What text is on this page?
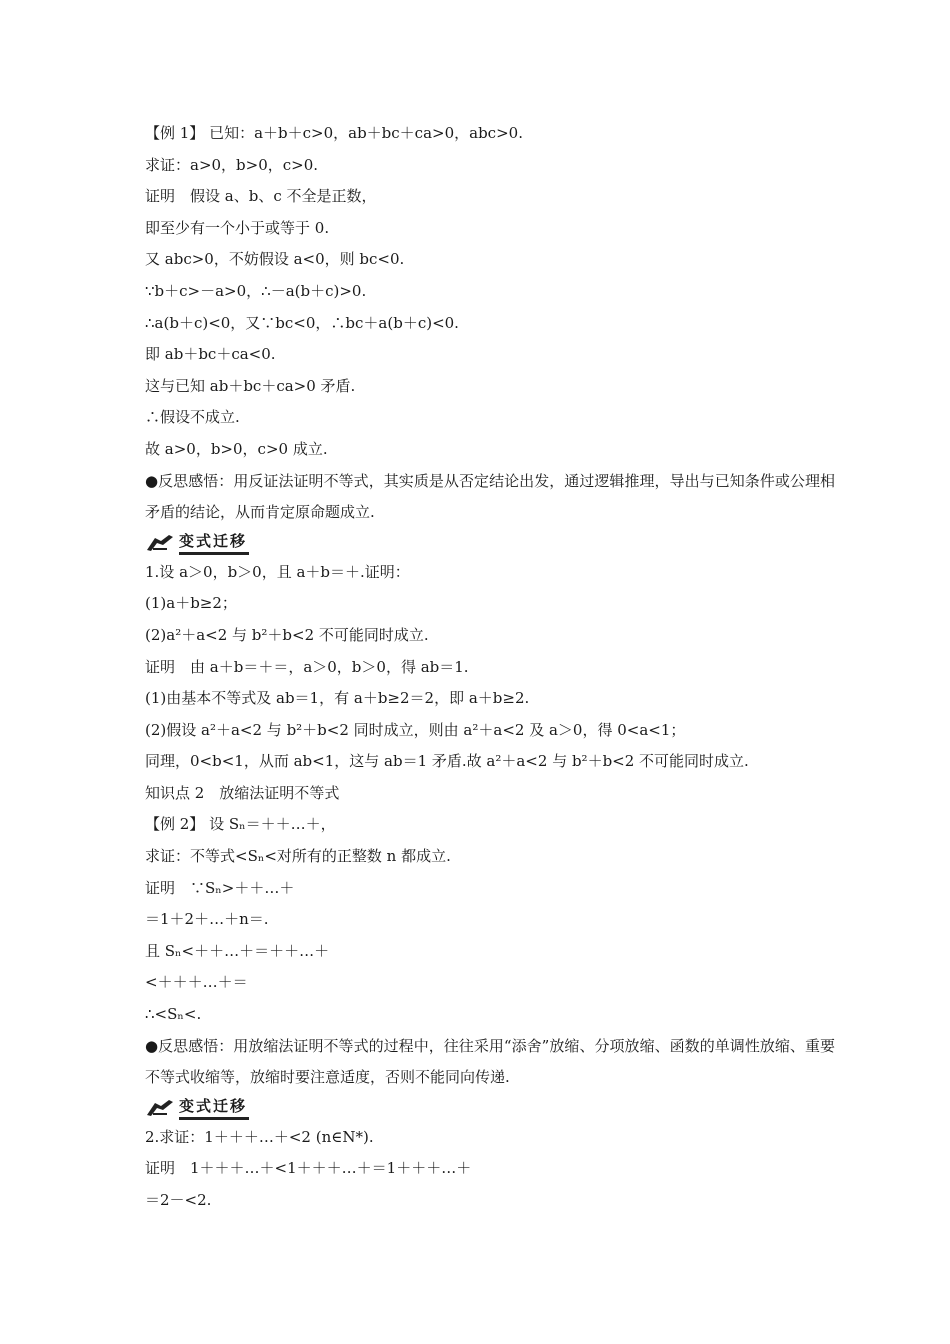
【例 1】 已知：a＋b＋c>0，ab＋bc＋ca>0，abc>0.
求证：a>0，b>0，c>0.
证明　假设 a、b、c 不全是正数，
即至少有一个小于或等于 0.
又 abc>0，不妨假设 a<0，则 bc<0.
∵b＋c>－a>0，∴－a(b＋c)>0.
∴a(b＋c)<0，又∵bc<0，∴bc＋a(b＋c)<0.
即 ab＋bc＋ca<0.
这与已知 ab＋bc＋ca>0 矛盾.
∴假设不成立.
故 a>0，b>0，c>0 成立.
●反思感悟：用反证法证明不等式，其实质是从否定结论出发，通过逻辑推理，导出与已知条件或公理相矛盾的结论，从而肯定原命题成立.
变式迁移
1.设 a＞0，b＞0，且 a＋b＝＋.证明：
(1)a＋b≥2；
(2)a²＋a<2 与 b²＋b<2 不可能同时成立.
证明　由 a＋b＝＋＝，a＞0，b＞0，得 ab＝1.
(1)由基本不等式及 ab＝1，有 a＋b≥2＝2，即 a＋b≥2.
(2)假设 a²＋a<2 与 b²＋b<2 同时成立，则由 a²＋a<2 及 a＞0，得 0<a<1；
同理，0<b<1，从而 ab<1，这与 ab＝1 矛盾.故 a²＋a<2 与 b²＋b<2 不可能同时成立.
知识点 2　放缩法证明不等式
【例 2】 设 Sₙ＝＋＋…＋，
求证：不等式<Sₙ<对所有的正整数 n 都成立.
证明　∵Sₙ>＋＋…＋
＝1＋2＋…＋n＝.
且 Sₙ<＋＋…＋＝＋＋…＋
<＋＋＋…＋＝
∴<Sₙ<.
●反思感悟：用放缩法证明不等式的过程中，往往采用“添舍”放缩、分项放缩、函数的单调性放缩、重要不等式收缩等，放缩时要注意适度，否则不能同向传递.
变式迁移
2.求证：1＋＋＋…＋<2 (n∈N*).
证明　1＋＋＋…＋<1＋＋＋…＋＝1＋＋＋…＋
＝2－<2.
